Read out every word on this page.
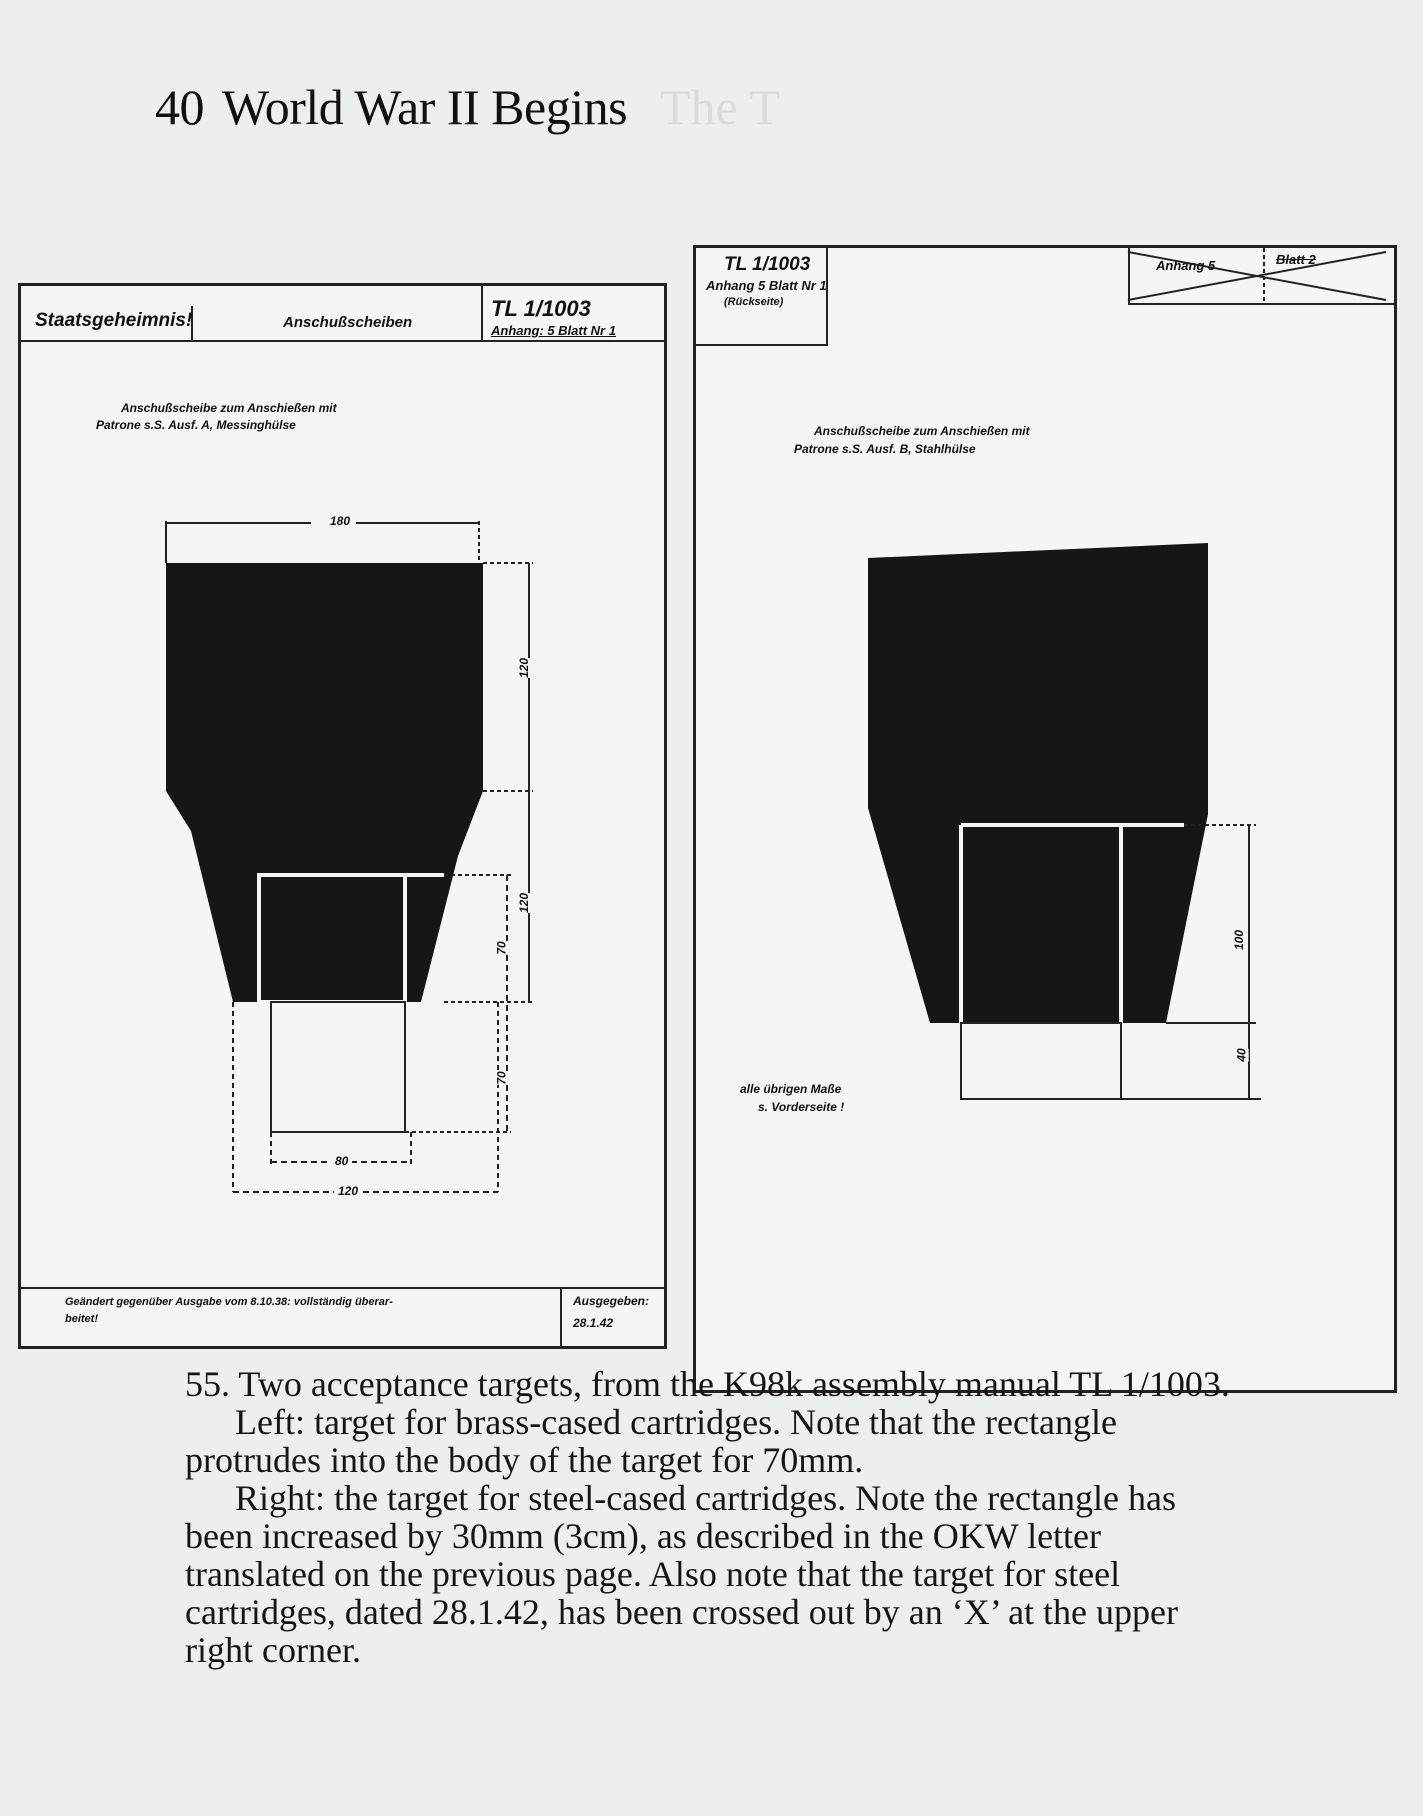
40 World War II Begins The T
Staatsgeheimnis!	Anschußscheiben
TL 1/1003
Anhang: 5 Blatt Nr 1
Anschußscheibe zum Anschießen mit
Patrone s.S. Ausf. A, Messinghülse
180
120
120
70
70
80
120
Geändert gegenüber Ausgabe vom 8.10.38: vollständig überar-
beitet!
Ausgegeben:
28.1.42
TL 1/1003
Anhang 5 Blatt Nr 1
(Rückseite)
Anhang 5	Blatt 2
Anschußscheibe zum Anschießen mit
Patrone s.S. Ausf. B, Stahlhülse
100
40
alle übrigen Maße
s. Vorderseite !

55. Two acceptance targets, from the K98k assembly manual TL 1/1003.

Left: target for brass-cased cartridges. Note that the rectangle protrudes into the body of the target for 70mm.

Right: the target for steel-cased cartridges. Note the rectangle has been increased by 30mm (3cm), as described in the OKW letter translated on the previous page. Also note that the target for steel cartridges, dated 28.1.42, has been crossed out by an ‘X’ at the upper right corner.
